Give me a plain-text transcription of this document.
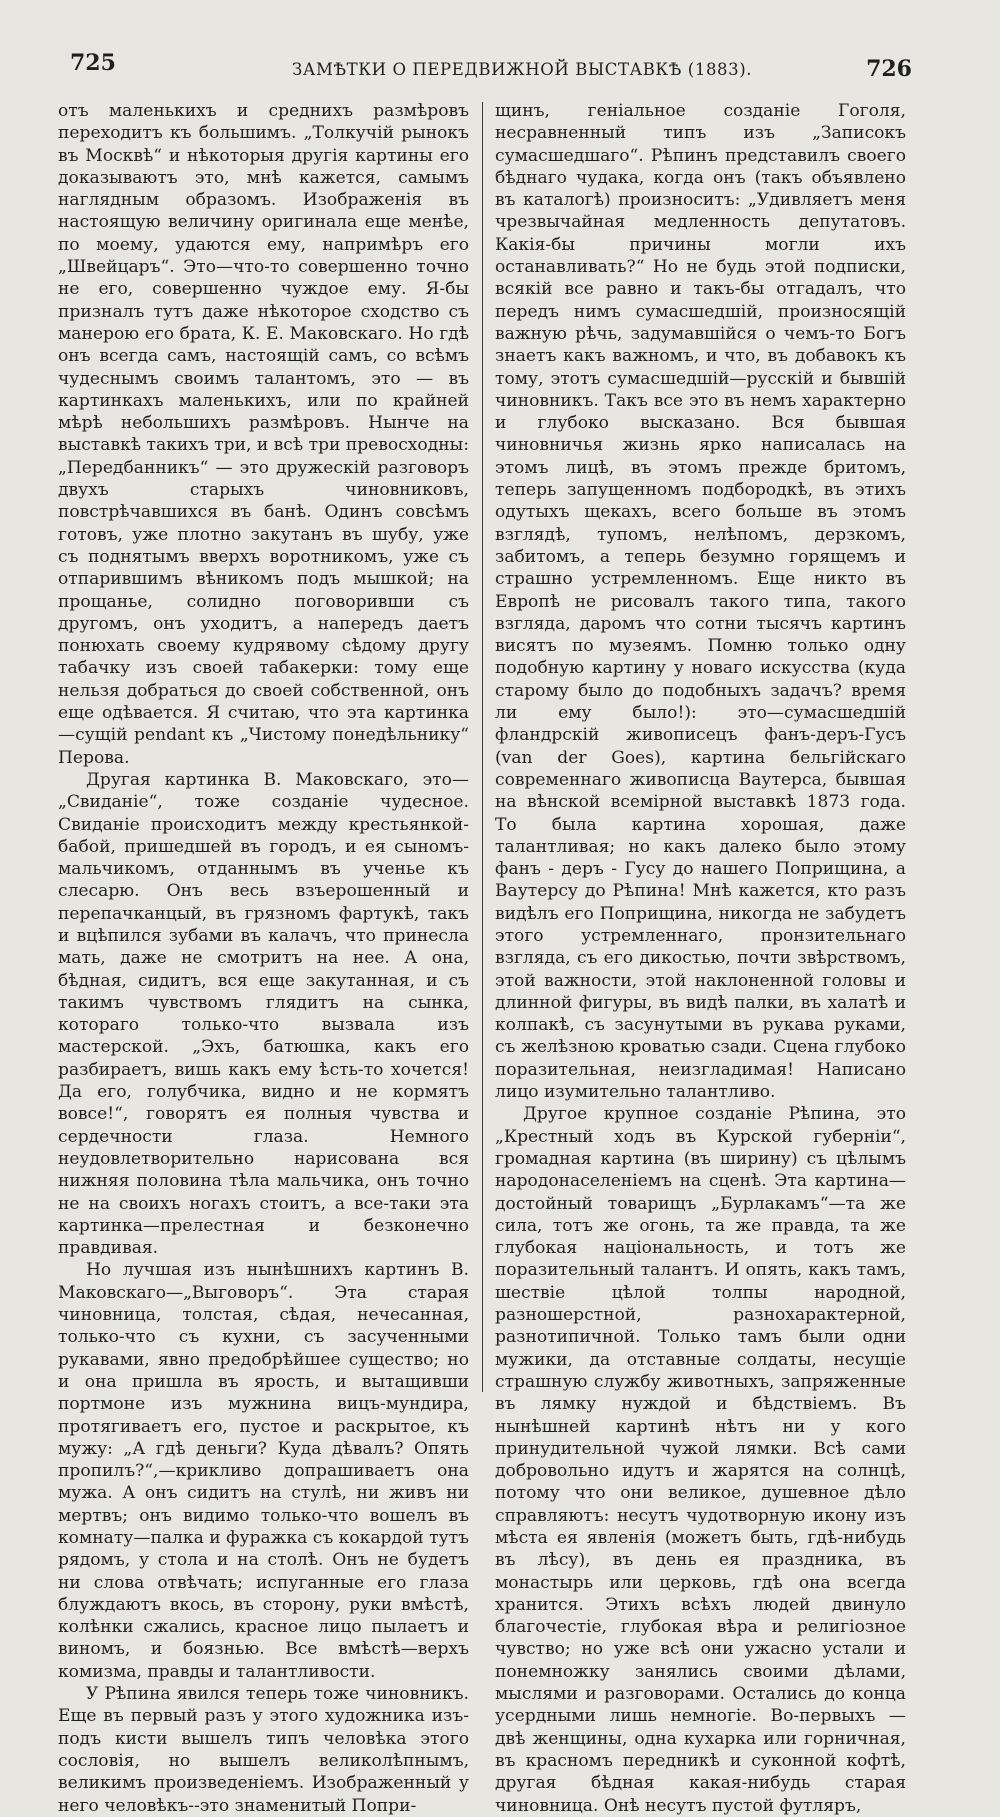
725	ЗАМѢТКИ О ПЕРЕДВИЖНОЙ ВЫСТАВКѢ (1883).	726

отъ маленькихъ и среднихъ размѣровъ переходитъ къ большимъ. „Толкучій рынокъ въ Москвѣ“ и нѣкоторыя другія картины его доказываютъ это, мнѣ кажется, самымъ наглядным образомъ. Изображенія въ настоящую величину оригинала еще менѣе, по моему, удаются ему, напримѣръ его „Швейцаръ“. Это—что-то совершенно точно не его, совершенно чуждое ему. Я-бы призналъ тутъ даже нѣкоторое сходство съ манерою его брата, К. Е. Маковскаго. Но гдѣ онъ всегда самъ, настоящій самъ, со всѣмъ чудеснымъ своимъ талантомъ, это — въ картинкахъ маленькихъ, или по крайней мѣрѣ небольшихъ размѣровъ. Нынче на выставкѣ такихъ три, и всѣ три превосходны: „Передбанникъ“ — это дружескій разговоръ двухъ старыхъ чиновниковъ, повстрѣчавшихся въ банѣ. Одинъ совсѣмъ готовъ, уже плотно закутанъ въ шубу, уже съ поднятымъ вверхъ воротникомъ, уже съ отпарившимъ вѣникомъ подъ мышкой; на прощанье, солидно поговоривши съ другомъ, онъ уходитъ, а напередъ даетъ понюхать своему кудрявому сѣдому другу табачку изъ своей табакерки: тому еще нельзя добраться до своей собственной, онъ еще одѣвается. Я считаю, что эта картинка—сущій pendant къ „Чистому понедѣльнику“ Перова.

Другая картинка В. Маковскаго, это—„Свиданіе“, тоже созданіе чудесное. Свиданіе происходитъ между крестьянкой-бабой, пришедшей въ городъ, и ея сыномъ-мальчикомъ, отданнымъ въ ученье къ слесарю. Онъ весь взъерошенный и перепачканцый, въ грязномъ фартукѣ, такъ и вцѣпился зубами въ калачъ, что принесла мать, даже не смотритъ на нее. А она, бѣдная, сидитъ, вся еще закутанная, и съ такимъ чувствомъ глядитъ на сынка, котораго только-что вызвала изъ мастерской. „Эхъ, батюшка, какъ его разбираетъ, вишь какъ ему ѣсть-то хочется! Да его, голубчика, видно и не кормятъ вовсе!“, говорятъ ея полныя чувства и сердечности глаза. Немного неудовлетворительно нарисована вся нижняя половина тѣла мальчика, онъ точно не на своихъ ногахъ стоитъ, а все-таки эта картинка—прелестная и безконечно правдивая.

Но лучшая изъ нынѣшнихъ картинъ В. Маковскаго—„Выговоръ“. Эта старая чиновница, толстая, сѣдая, нечесанная, только-что съ кухни, съ засученными рукавами, явно предобрѣйшее существо; но и она пришла въ ярость, и вытащивши портмоне изъ мужнина вицъ-мундира, протягиваетъ его, пустое и раскрытое, къ мужу: „А гдѣ деньги? Куда дѣвалъ? Опять пропилъ?“,—крикливо допрашиваетъ она мужа. А онъ сидитъ на стулѣ, ни живъ ни мертвъ; онъ видимо только-что вошелъ въ комнату—палка и фуражка съ кокардой тутъ рядомъ, у стола и на столѣ. Онъ не будетъ ни слова отвѣчать; испуганные его глаза блуждаютъ вкось, въ сторону, руки вмѣстѣ, колѣнки сжались, красное лицо пылаетъ и виномъ, и боязнью. Все вмѣстѣ—верхъ комизма, правды и талантливости.

У Рѣпина явился теперь тоже чиновникъ. Еще въ первый разъ у этого художника изъ-подъ кисти вышелъ типъ человѣка этого сословія, но вышелъ великолѣпнымъ, великимъ произведеніемъ. Изображенный у него человѣкъ--это знаменитый Попри-

щинъ, геніальное созданіе Гоголя, несравненный типъ изъ „Записокъ сумасшедшаго“. Рѣпинъ представилъ своего бѣднаго чудака, когда онъ (такъ объявлено въ каталогѣ) произноситъ: „Удивляетъ меня чрезвычайная медленность депутатовъ. Какія-бы причины могли ихъ останавливать?“ Но не будь этой подписки, всякій все равно и такъ-бы отгадалъ, что передъ нимъ сумасшедшій, произносящій важную рѣчь, задумавшійся о чемъ-то Богъ знаетъ какъ важномъ, и что, въ добавокъ къ тому, этотъ сумасшедшій—русскій и бывшій чиновникъ. Такъ все это въ немъ характерно и глубоко высказано. Вся бывшая чиновничья жизнь ярко написалась на этомъ лицѣ, въ этомъ прежде бритомъ, теперь запущенномъ подбородкѣ, въ этихъ одутыхъ щекахъ, всего больше въ этомъ взглядѣ, тупомъ, нелѣпомъ, дерзкомъ, забитомъ, а теперь безумно горящемъ и страшно устремленномъ. Еще никто въ Европѣ не рисовалъ такого типа, такого взгляда, даромъ что сотни тысячъ картинъ висятъ по музеямъ. Помню только одну подобную картину у новаго искусства (куда старому было до подобныхъ задачъ? время ли ему было!): это—сумасшедшій фландрскій живописецъ фанъ-деръ-Гусъ (van der Goes), картина бельгійскаго современнаго живописца Ваутерса, бывшая на вѣнской всемірной выставкѣ 1873 года. То была картина хорошая, даже талантливая; но какъ далеко было этому фанъ - деръ - Гусу до нашего Поприщина, а Ваутерсу до Рѣпина! Мнѣ кажется, кто разъ видѣлъ его Поприщина, никогда не забудетъ этого устремленнаго, пронзительнаго взгляда, съ его дикостью, почти звѣрствомъ, этой важности, этой наклоненной головы и длинной фигуры, въ видѣ палки, въ халатѣ и колпакѣ, съ засунутыми въ рукава руками, съ желѣзною кроватью сзади. Сцена глубоко поразительная, неизгладимая! Написано лицо изумительно талантливо.

Другое крупное созданіе Рѣпина, это „Крестный ходъ въ Курской губерніи“, громадная картина (въ ширину) съ цѣлымъ народонаселеніемъ на сценѣ. Эта картина—достойный товарищъ „Бурлакамъ“—та же сила, тотъ же огонь, та же правда, та же глубокая національность, и тотъ же поразительный талантъ. И опять, какъ тамъ, шествіе цѣлой толпы народной, разношерстной, разнохарактерной, разнотипичной. Только тамъ были одни мужики, да отставные солдаты, несущіе страшную службу животныхъ, запряженные въ лямку нуждой и бѣдствіемъ. Въ нынѣшней картинѣ нѣтъ ни у кого принудительной чужой лямки. Всѣ сами добровольно идутъ и жарятся на солнцѣ, потому что они великое, душевное дѣло справляютъ: несутъ чудотворную икону изъ мѣста ея явленія (можетъ быть, гдѣ-нибудь въ лѣсу), въ день ея праздника, въ монастырь или церковь, гдѣ она всегда хранится. Этихъ всѣхъ людей двинуло благочестіе, глубокая вѣра и религіозное чувство; но уже всѣ они ужасно устали и понемножку занялись своими дѣлами, мыслями и разговорами. Остались до конца усердными лишь немногіе. Во-первыхъ — двѣ женщины, одна кухарка или горничная, въ красномъ передникѣ и суконной кофтѣ, другая бѣдная какая-нибудь старая чиновница. Онѣ несутъ пустой футляръ,
